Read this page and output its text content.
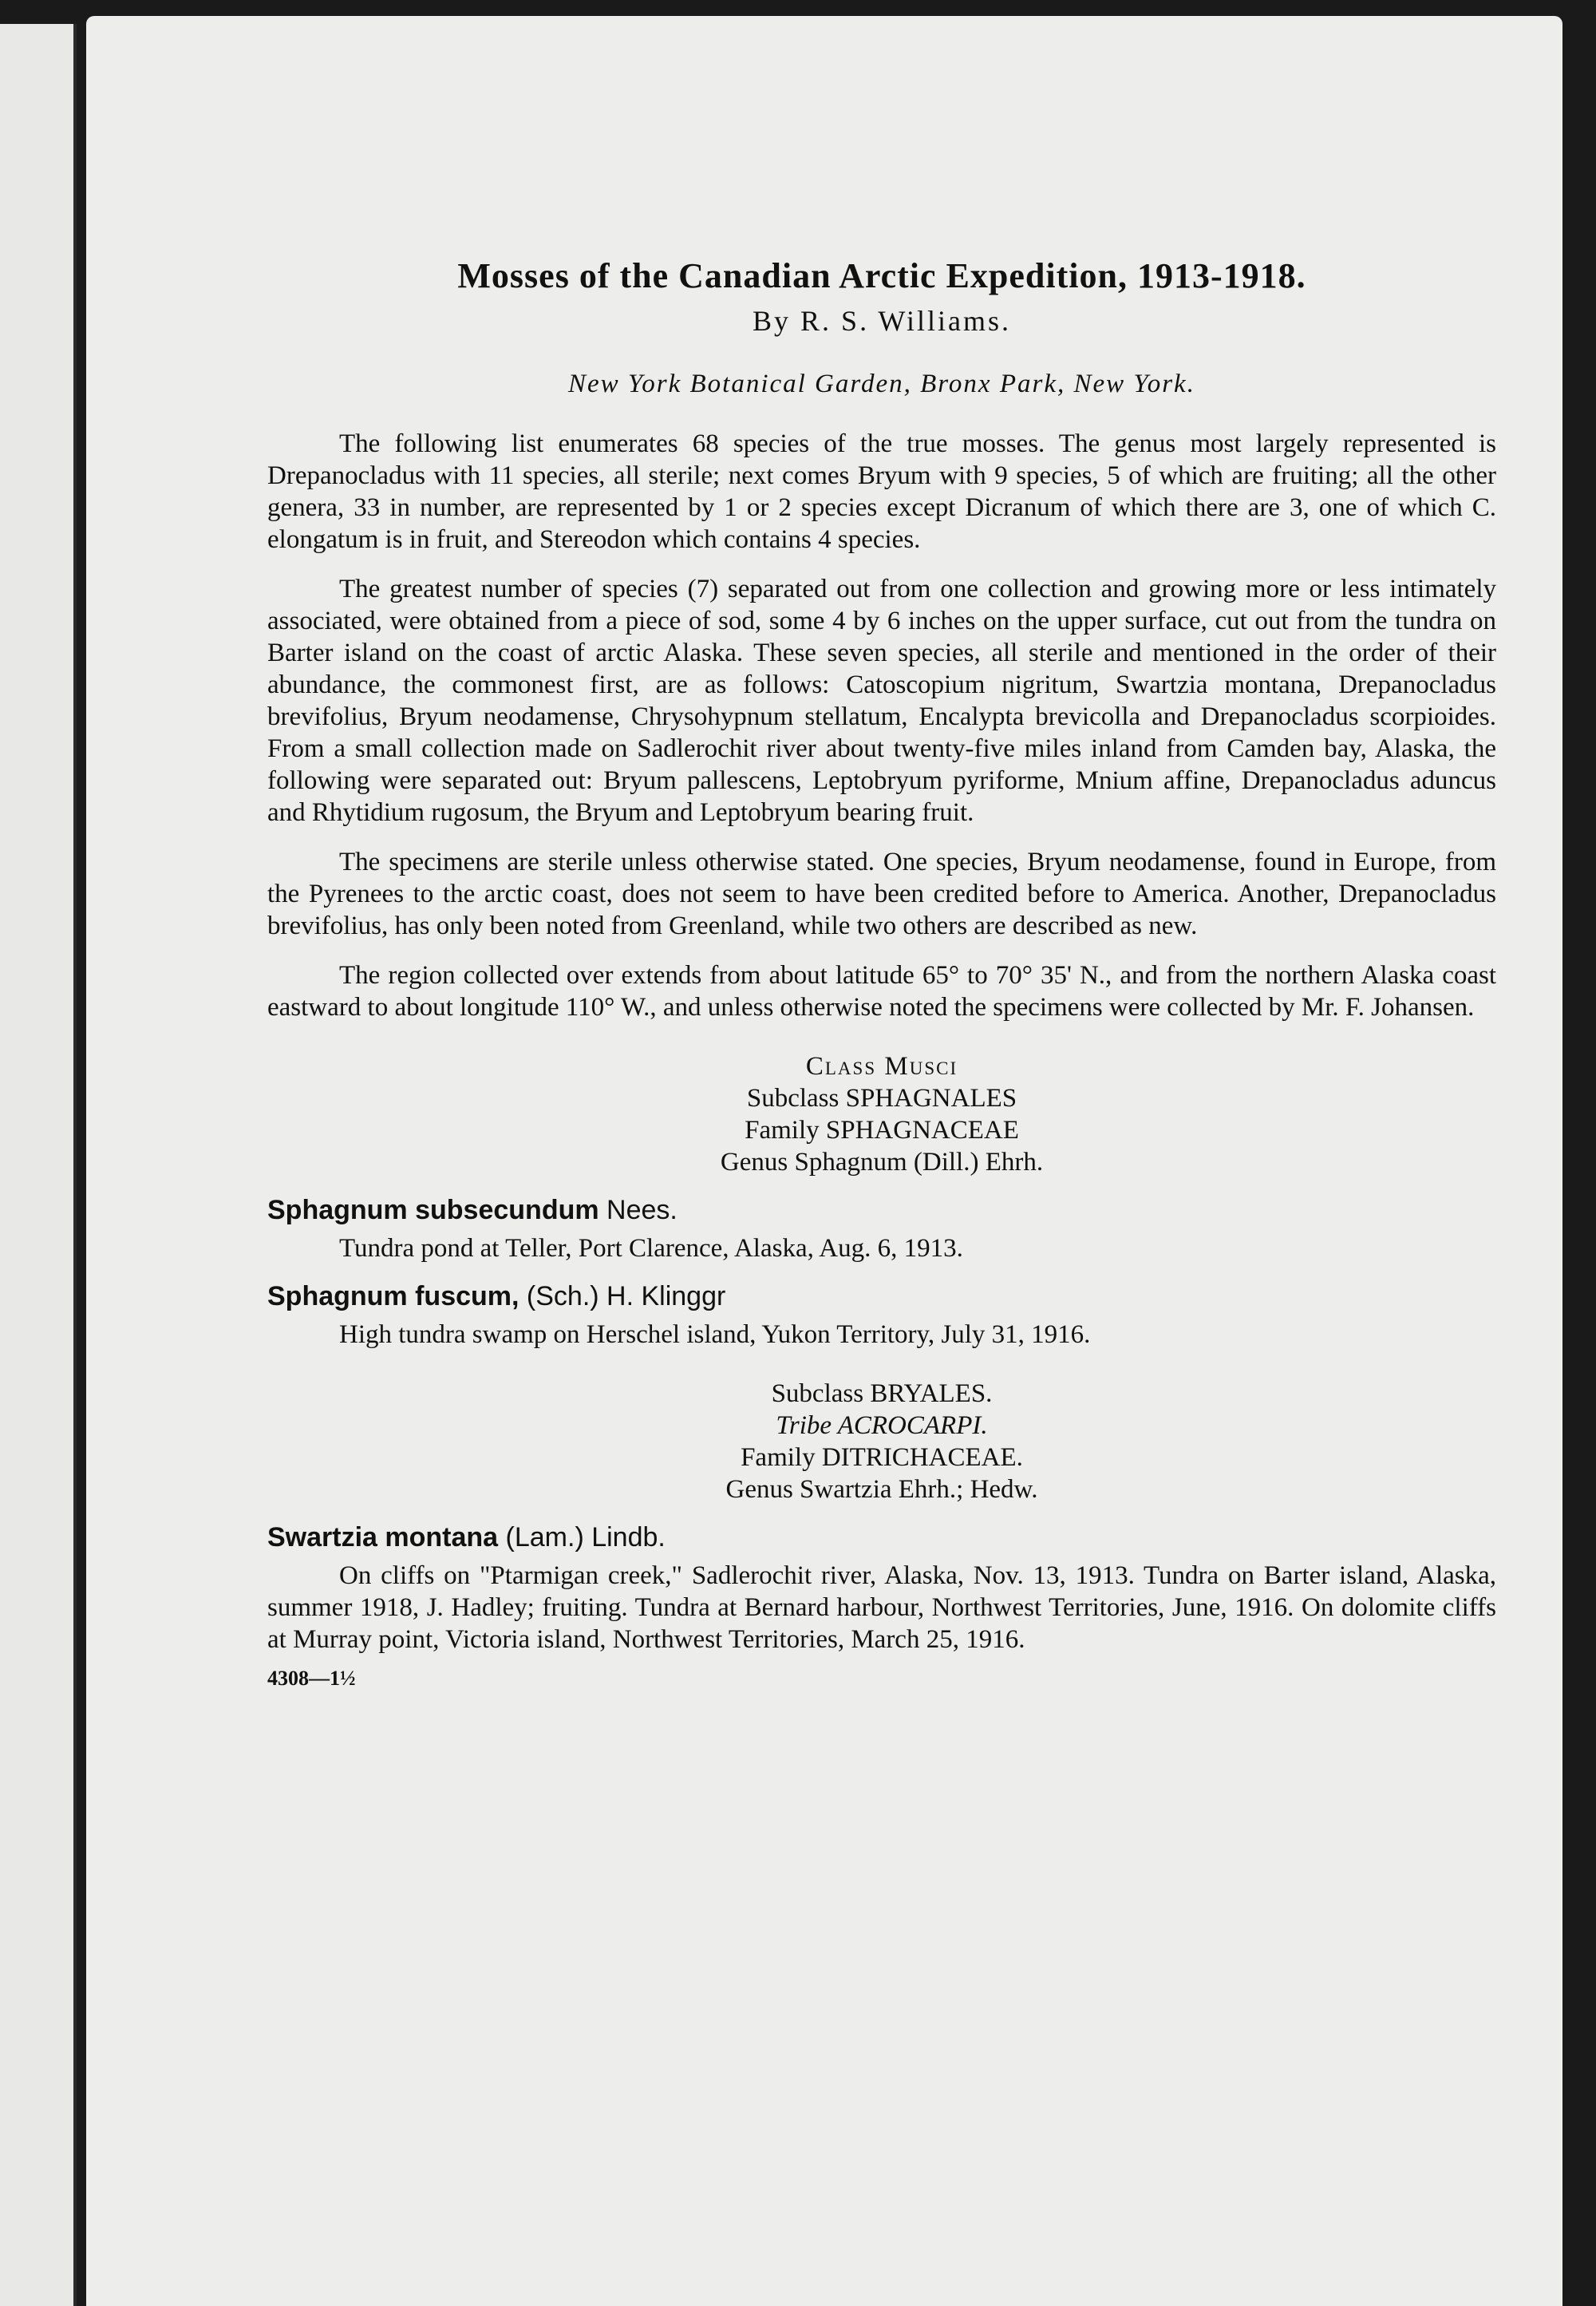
Mosses of the Canadian Arctic Expedition, 1913-1918.
By R. S. Williams.
New York Botanical Garden, Bronx Park, New York.

The following list enumerates 68 species of the true mosses. The genus most largely represented is Drepanocladus with 11 species, all sterile; next comes Bryum with 9 species, 5 of which are fruiting; all the other genera, 33 in number, are represented by 1 or 2 species except Dicranum of which there are 3, one of which C. elongatum is in fruit, and Stereodon which contains 4 species.

The greatest number of species (7) separated out from one collection and growing more or less intimately associated, were obtained from a piece of sod, some 4 by 6 inches on the upper surface, cut out from the tundra on Barter island on the coast of arctic Alaska. These seven species, all sterile and mentioned in the order of their abundance, the commonest first, are as follows: Catoscopium nigritum, Swartzia montana, Drepanocladus brevifolius, Bryum neodamense, Chrysohypnum stellatum, Encalypta brevicolla and Drepanocladus scorpioides. From a small collection made on Sadlerochit river about twenty-five miles inland from Camden bay, Alaska, the following were separated out: Bryum pallescens, Leptobryum pyriforme, Mnium affine, Drepanocladus aduncus and Rhytidium rugosum, the Bryum and Leptobryum bearing fruit.

The specimens are sterile unless otherwise stated. One species, Bryum neodamense, found in Europe, from the Pyrenees to the arctic coast, does not seem to have been credited before to America. Another, Drepanocladus brevifolius, has only been noted from Greenland, while two others are described as new.

The region collected over extends from about latitude 65° to 70° 35' N., and from the northern Alaska coast eastward to about longitude 110° W., and unless otherwise noted the specimens were collected by Mr. F. Johansen.

Class Musci
Subclass SPHAGNALES
Family SPHAGNACEAE
Genus Sphagnum (Dill.) Ehrh.
Sphagnum subsecundum Nees.
Tundra pond at Teller, Port Clarence, Alaska, Aug. 6, 1913.
Sphagnum fuscum, (Sch.) H. Klinggr
High tundra swamp on Herschel island, Yukon Territory, July 31, 1916.
Subclass BRYALES.
Tribe ACROCARPI.
Family DITRICHACEAE.
Genus Swartzia Ehrh.; Hedw.
Swartzia montana (Lam.) Lindb.
On cliffs on "Ptarmigan creek," Sadlerochit river, Alaska, Nov. 13, 1913. Tundra on Barter island, Alaska, summer 1918, J. Hadley; fruiting. Tundra at Bernard harbour, Northwest Territories, June, 1916. On dolomite cliffs at Murray point, Victoria island, Northwest Territories, March 25, 1916.
4308—1½
